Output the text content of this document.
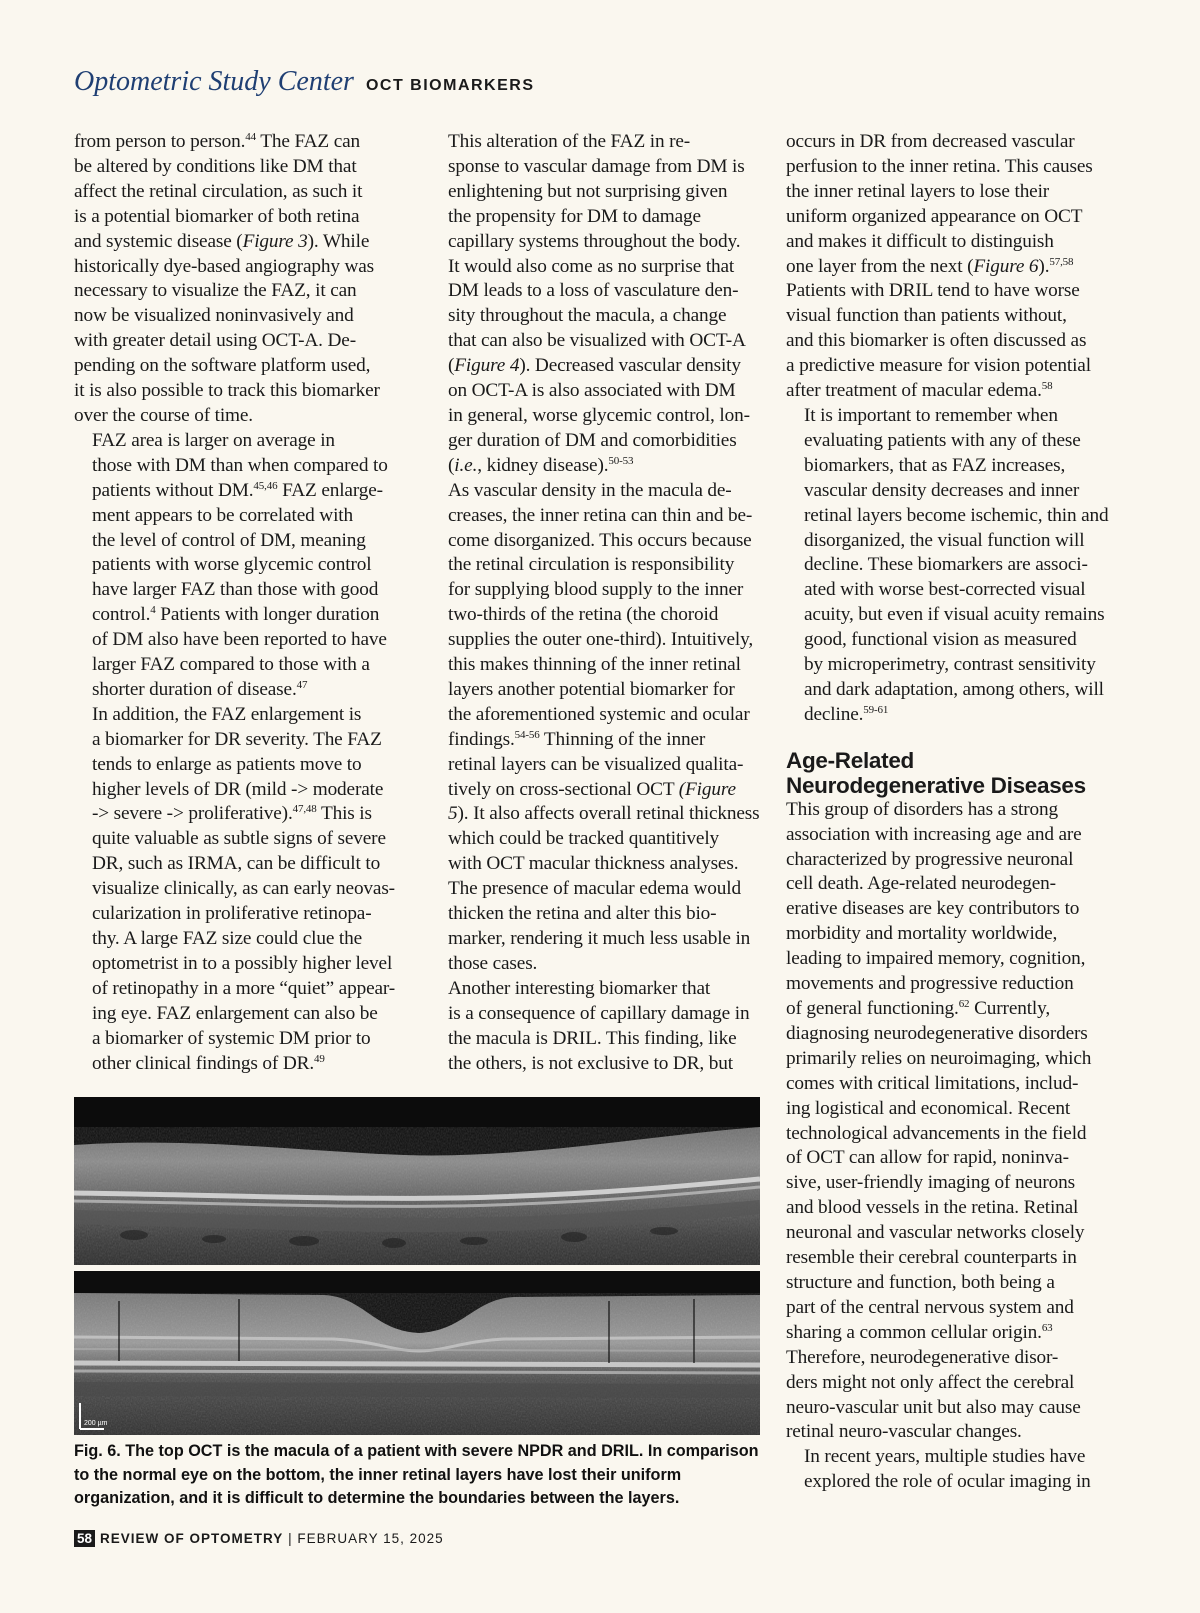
Optometric Study Center OCT BIOMARKERS

from person to person.$^{44}$ The FAZ can
be altered by conditions like DM that
affect the retinal circulation, as such it
is a potential biomarker of both retina
and systemic disease (Figure 3). While
historically dye-based angiography was
necessary to visualize the FAZ, it can
now be visualized noninvasively and
with greater detail using OCT-A. De-
pending on the software platform used,
it is also possible to track this biomarker
over the course of time.

FAZ area is larger on average in
those with DM than when compared to
patients without DM.$^{45,46}$ FAZ enlarge-
ment appears to be correlated with
the level of control of DM, meaning
patients with worse glycemic control
have larger FAZ than those with good
control.$^4$ Patients with longer duration
of DM also have been reported to have
larger FAZ compared to those with a
shorter duration of disease.$^{47}$

In addition, the FAZ enlargement is
a biomarker for DR severity. The FAZ
tends to enlarge as patients move to
higher levels of DR (mild -> moderate
-> severe -> proliferative).$^{47,48}$ This is
quite valuable as subtle signs of severe
DR, such as IRMA, can be difficult to
visualize clinically, as can early neovas-
cularization in proliferative retinopa-
thy. A large FAZ size could clue the
optometrist in to a possibly higher level
of retinopathy in a more “quiet” appear-
ing eye. FAZ enlargement can also be
a biomarker of systemic DM prior to
other clinical findings of DR.$^{49}$

This alteration of the FAZ in re-
sponse to vascular damage from DM is
enlightening but not surprising given
the propensity for DM to damage
capillary systems throughout the body.
It would also come as no surprise that
DM leads to a loss of vasculature den-
sity throughout the macula, a change
that can also be visualized with OCT-A
(Figure 4). Decreased vascular density
on OCT-A is also associated with DM
in general, worse glycemic control, lon-
ger duration of DM and comorbidities
(i.e., kidney disease).$^{50-53}$

As vascular density in the macula de-
creases, the inner retina can thin and be-
come disorganized. This occurs because
the retinal circulation is responsibility
for supplying blood supply to the inner
two-thirds of the retina (the choroid
supplies the outer one-third). Intuitively,
this makes thinning of the inner retinal
layers another potential biomarker for
the aforementioned systemic and ocular
findings.$^{54-56}$ Thinning of the inner
retinal layers can be visualized qualita-
tively on cross-sectional OCT (Figure
5). It also affects overall retinal thickness
which could be tracked quantitively
with OCT macular thickness analyses.
The presence of macular edema would
thicken the retina and alter this bio-
marker, rendering it much less usable in
those cases.

Another interesting biomarker that
is a consequence of capillary damage in
the macula is DRIL. This finding, like
the others, is not exclusive to DR, but

occurs in DR from decreased vascular
perfusion to the inner retina. This causes
the inner retinal layers to lose their
uniform organized appearance on OCT
and makes it difficult to distinguish
one layer from the next (Figure 6).$^{57,58}$
Patients with DRIL tend to have worse
visual function than patients without,
and this biomarker is often discussed as
a predictive measure for vision potential
after treatment of macular edema.$^{58}$

It is important to remember when
evaluating patients with any of these
biomarkers, that as FAZ increases,
vascular density decreases and inner
retinal layers become ischemic, thin and
disorganized, the visual function will
decline. These biomarkers are associ-
ated with worse best-corrected visual
acuity, but even if visual acuity remains
good, functional vision as measured
by microperimetry, contrast sensitivity
and dark adaptation, among others, will
decline.$^{59-61}$

Age-Related
Neurodegenerative Diseases

This group of disorders has a strong
association with increasing age and are
characterized by progressive neuronal
cell death. Age-related neurodegen-
erative diseases are key contributors to
morbidity and mortality worldwide,
leading to impaired memory, cognition,
movements and progressive reduction
of general functioning.$^{62}$ Currently,
diagnosing neurodegenerative disorders
primarily relies on neuroimaging, which
comes with critical limitations, includ-
ing logistical and economical. Recent
technological advancements in the field
of OCT can allow for rapid, noninva-
sive, user-friendly imaging of neurons
and blood vessels in the retina. Retinal
neuronal and vascular networks closely
resemble their cerebral counterparts in
structure and function, both being a
part of the central nervous system and
sharing a common cellular origin.$^{63}$
Therefore, neurodegenerative disor-
ders might not only affect the cerebral
neuro-vascular unit but also may cause
retinal neuro-vascular changes.

In recent years, multiple studies have
explored the role of ocular imaging in

200 µm
Fig. 6. The top OCT is the macula of a patient with severe NPDR and DRIL. In comparison to the normal eye on the bottom, the inner retinal layers have lost their uniform organization, and it is difficult to determine the boundaries between the layers.
58 REVIEW OF OPTOMETRY | FEBRUARY 15, 2025
